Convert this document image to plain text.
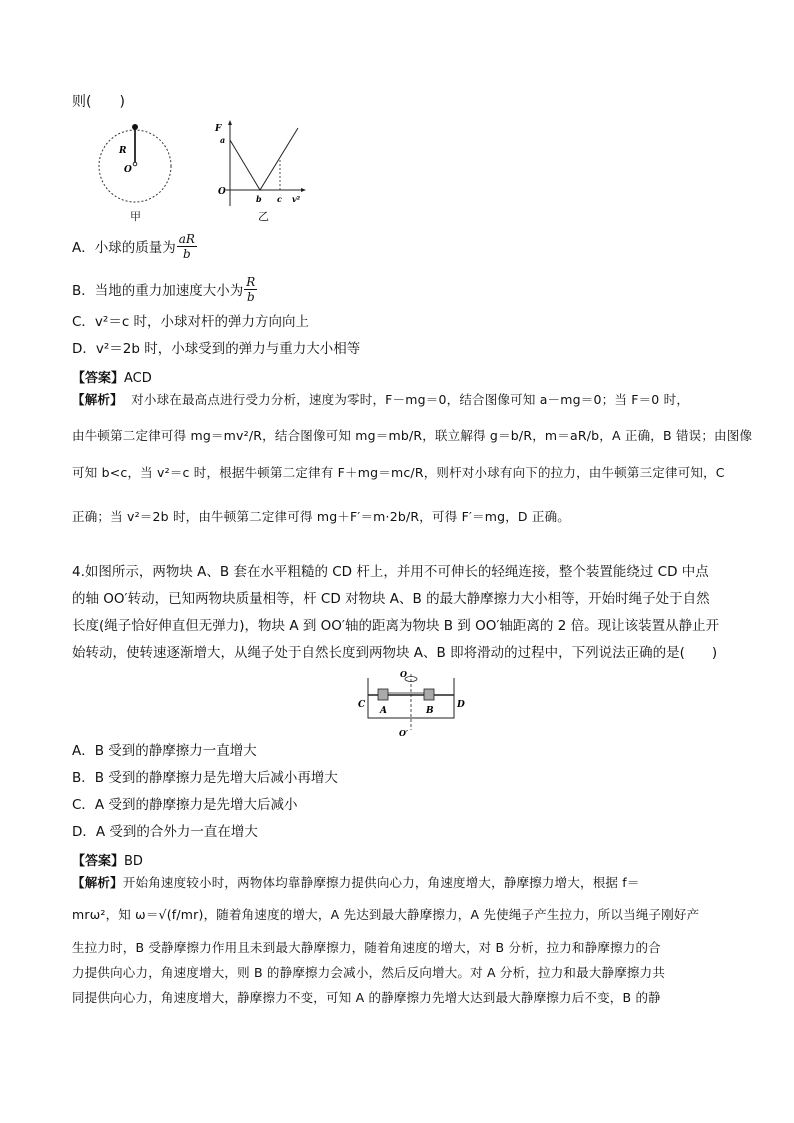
则(　　)
R
O
甲
F
a
O
b c v²
乙
A．小球的质量为 $\frac{aR}{b}$
B．当地的重力加速度大小为 $\frac{R}{b}$
C．v²＝c 时，小球对杆的弹力方向向上
D．v²＝2b 时，小球受到的弹力与重力大小相等
【答案】ACD
【解析】 对小球在最高点进行受力分析，速度为零时，F－mg＝0，结合图像可知 a－mg＝0；当 F＝0 时，
由牛顿第二定律可得 mg＝mv²/R，结合图像可知 mg＝mb/R，联立解得 g＝b/R，m＝aR/b，A 正确，B 错误；由图像
可知 b<c，当 v²＝c 时，根据牛顿第二定律有 F＋mg＝mc/R，则杆对小球有向下的拉力，由牛顿第三定律可知，C
正确；当 v²＝2b 时，由牛顿第二定律可得 mg＋F′＝m·2b/R，可得 F′＝mg，D 正确。
4.如图所示，两物块 A、B 套在水平粗糙的 CD 杆上，并用不可伸长的轻绳连接，整个装置能绕过 CD 中点
的轴 OO′转动，已知两物块质量相等，杆 CD 对物块 A、B 的最大静摩擦力大小相等，开始时绳子处于自然
长度(绳子恰好伸直但无弹力)，物块 A 到 OO′轴的距离为物块 B 到 OO′轴距离的 2 倍。现让该装置从静止开
始转动，使转速逐渐增大，从绳子处于自然长度到两物块 A、B 即将滑动的过程中，下列说法正确的是(　　)
C	D
A	B
O
O′
A．B 受到的静摩擦力一直增大
B．B 受到的静摩擦力是先增大后减小再增大
C．A 受到的静摩擦力是先增大后减小
D．A 受到的合外力一直在增大
【答案】BD
【解析】开始角速度较小时，两物体均靠静摩擦力提供向心力，角速度增大，静摩擦力增大，根据 f＝
mrω²，知 ω＝√(f/mr)，随着角速度的增大，A 先达到最大静摩擦力，A 先使绳子产生拉力，所以当绳子刚好产
生拉力时，B 受静摩擦力作用且未到最大静摩擦力，随着角速度的增大，对 B 分析，拉力和静摩擦力的合
力提供向心力，角速度增大，则 B 的静摩擦力会减小，然后反向增大。对 A 分析，拉力和最大静摩擦力共
同提供向心力，角速度增大，静摩擦力不变，可知 A 的静摩擦力先增大达到最大静摩擦力后不变，B 的静
